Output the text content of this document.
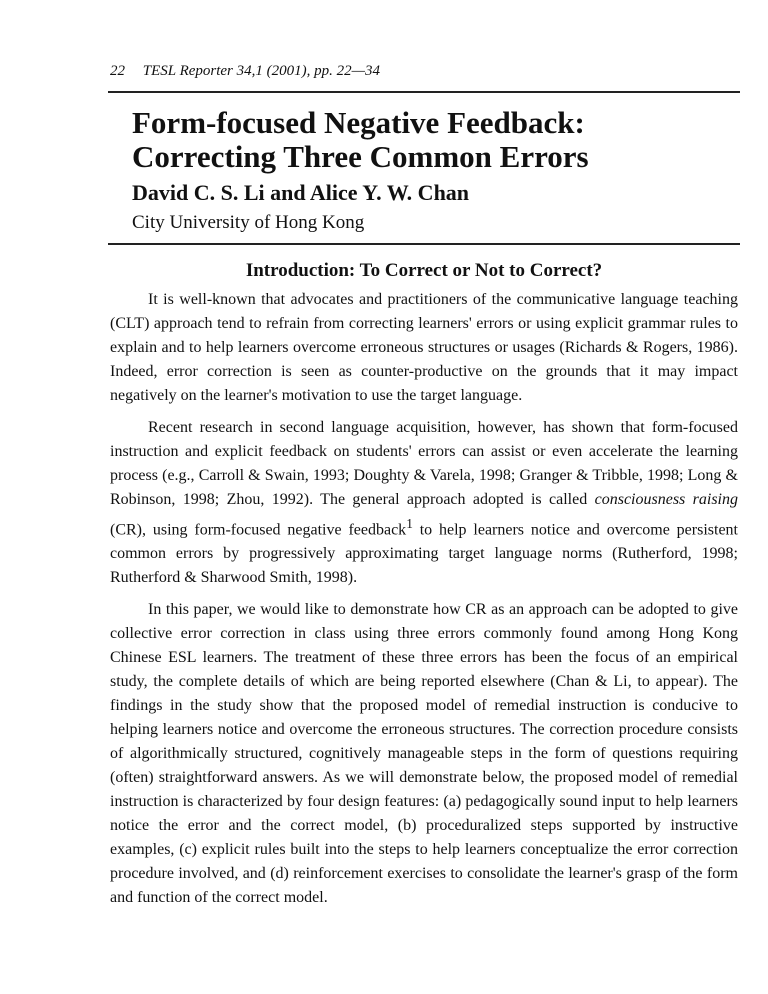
22 TESL Reporter 34,1 (2001), pp. 22—34
Form-focused Negative Feedback:
Correcting Three Common Errors
David C. S. Li and Alice Y. W. Chan
City University of Hong Kong
Introduction: To Correct or Not to Correct?

It is well-known that advocates and practitioners of the communicative language teaching (CLT) approach tend to refrain from correcting learners' errors or using explicit grammar rules to explain and to help learners overcome erroneous structures or usages (Richards & Rogers, 1986). Indeed, error correction is seen as counter-productive on the grounds that it may impact negatively on the learner's motivation to use the target language.

Recent research in second language acquisition, however, has shown that form-focused instruction and explicit feedback on students' errors can assist or even accelerate the learning process (e.g., Carroll & Swain, 1993; Doughty & Varela, 1998; Granger & Tribble, 1998; Long & Robinson, 1998; Zhou, 1992). The general approach adopted is called consciousness raising (CR), using form-focused negative feedback$^1$ to help learners notice and overcome persistent common errors by progressively approximating target language norms (Rutherford, 1998; Rutherford & Sharwood Smith, 1998).

In this paper, we would like to demonstrate how CR as an approach can be adopted to give collective error correction in class using three errors commonly found among Hong Kong Chinese ESL learners. The treatment of these three errors has been the focus of an empirical study, the complete details of which are being reported elsewhere (Chan & Li, to appear). The findings in the study show that the proposed model of remedial instruction is conducive to helping learners notice and overcome the erroneous structures. The correction procedure consists of algorithmically structured, cognitively manageable steps in the form of questions requiring (often) straightforward answers. As we will demonstrate below, the proposed model of remedial instruction is characterized by four design features: (a) pedagogically sound input to help learners notice the error and the correct model, (b) proceduralized steps supported by instructive examples, (c) explicit rules built into the steps to help learners conceptualize the error correction procedure involved, and (d) reinforcement exercises to consolidate the learner's grasp of the form and function of the correct model.
